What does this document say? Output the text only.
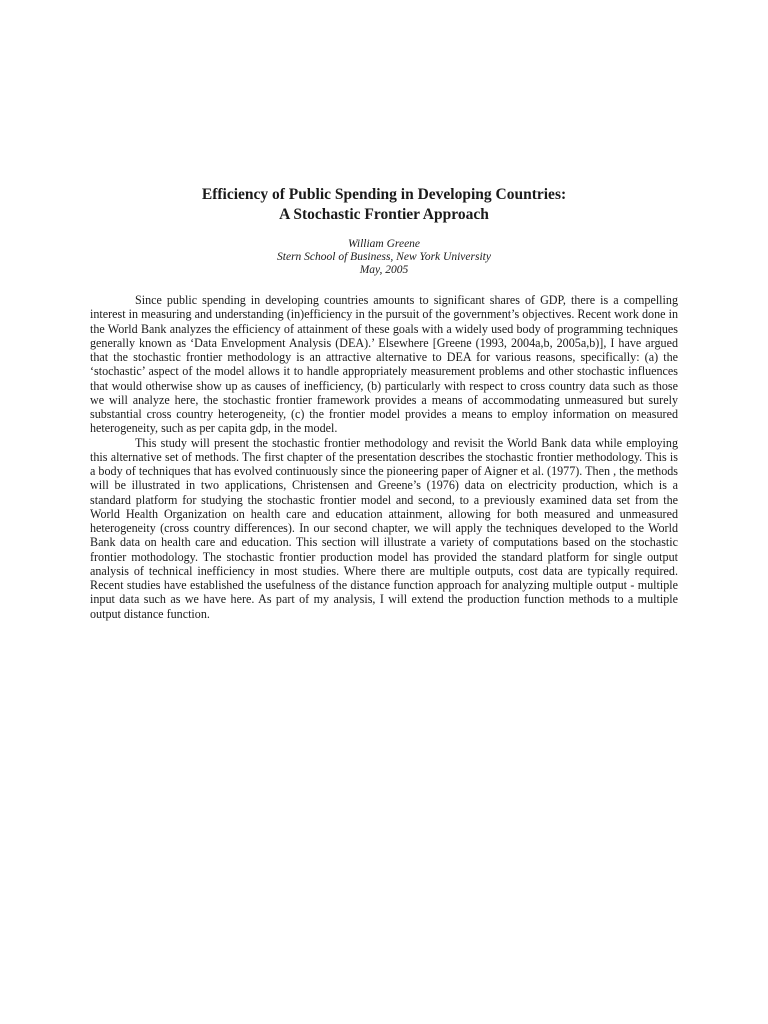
Efficiency of Public Spending in Developing Countries:
A Stochastic Frontier Approach
William Greene
Stern School of Business, New York University
May, 2005

Since public spending in developing countries amounts to significant shares of GDP, there is a compelling interest in measuring and understanding (in)efficiency in the pursuit of the government’s objectives. Recent work done in the World Bank analyzes the efficiency of attainment of these goals with a widely used body of programming techniques generally known as ‘Data Envelopment Analysis (DEA).’ Elsewhere [Greene (1993, 2004a,b, 2005a,b)], I have argued that the stochastic frontier methodology is an attractive alternative to DEA for various reasons, specifically: (a) the ‘stochastic’ aspect of the model allows it to handle appropriately measurement problems and other stochastic influences that would otherwise show up as causes of inefficiency, (b) particularly with respect to cross country data such as those we will analyze here, the stochastic frontier framework provides a means of accommodating unmeasured but surely substantial cross country heterogeneity, (c) the frontier model provides a means to employ information on measured heterogeneity, such as per capita gdp, in the model.

This study will present the stochastic frontier methodology and revisit the World Bank data while employing this alternative set of methods. The first chapter of the presentation describes the stochastic frontier methodology. This is a body of techniques that has evolved continuously since the pioneering paper of Aigner et al. (1977). Then , the methods will be illustrated in two applications, Christensen and Greene’s (1976) data on electricity production, which is a standard platform for studying the stochastic frontier model and second, to a previously examined data set from the World Health Organization on health care and education attainment, allowing for both measured and unmeasured heterogeneity (cross country differences). In our second chapter, we will apply the techniques developed to the World Bank data on health care and education. This section will illustrate a variety of computations based on the stochastic frontier mothodology. The stochastic frontier production model has provided the standard platform for single output analysis of technical inefficiency in most studies. Where there are multiple outputs, cost data are typically required. Recent studies have established the usefulness of the distance function approach for analyzing multiple output - multiple input data such as we have here. As part of my analysis, I will extend the production function methods to a multiple output distance function.
